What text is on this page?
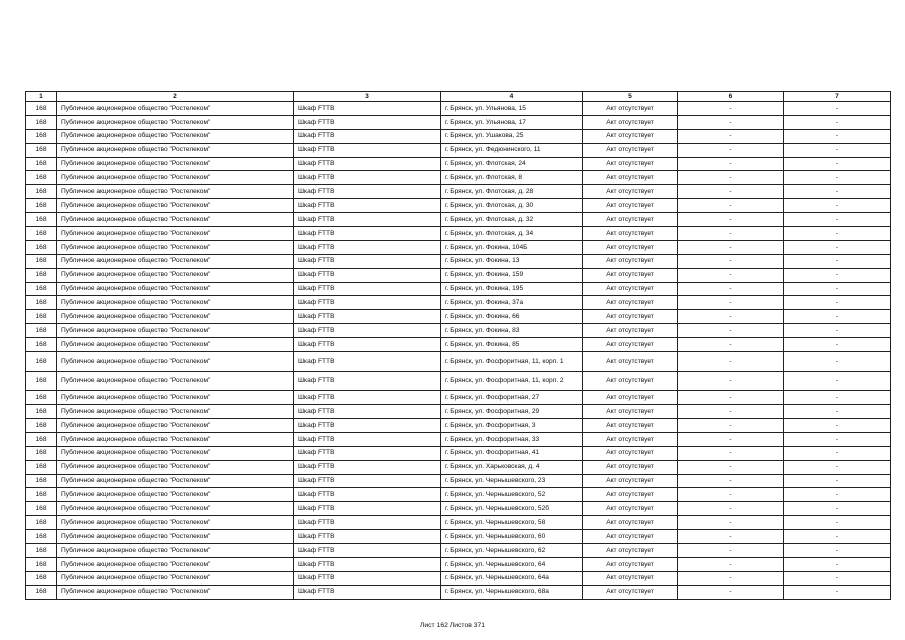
1	2	3	4	5	6	7
168	Публичное акционерное общество "Ростелеком"	Шкаф FTTB	г. Брянск, ул. Ульянова, 15	Акт отсутствует	-	-
168	Публичное акционерное общество "Ростелеком"	Шкаф FTTB	г. Брянск, ул. Ульянова, 17	Акт отсутствует	-	-
168	Публичное акционерное общество "Ростелеком"	Шкаф FTTB	г. Брянск, ул. Ушакова, 25	Акт отсутствует	-	-
168	Публичное акционерное общество "Ростелеком"	Шкаф FTTB	г. Брянск, ул. Федюнинского, 11	Акт отсутствует	-	-
168	Публичное акционерное общество "Ростелеком"	Шкаф FTTB	г. Брянск, ул. Флотская, 24	Акт отсутствует	-	-
168	Публичное акционерное общество "Ростелеком"	Шкаф FTTB	г. Брянск, ул. Флотская, 8	Акт отсутствует	-	-
168	Публичное акционерное общество "Ростелеком"	Шкаф FTTB	г. Брянск, ул. Флотская, д. 28	Акт отсутствует	-	-
168	Публичное акционерное общество "Ростелеком"	Шкаф FTTB	г. Брянск, ул. Флотская, д. 30	Акт отсутствует	-	-
168	Публичное акционерное общество "Ростелеком"	Шкаф FTTB	г. Брянск, ул. Флотская, д. 32	Акт отсутствует	-	-
168	Публичное акционерное общество "Ростелеком"	Шкаф FTTB	г. Брянск, ул. Флотская, д. 34	Акт отсутствует	-	-
168	Публичное акционерное общество "Ростелеком"	Шкаф FTTB	г. Брянск, ул. Фокина, 104Б	Акт отсутствует	-	-
168	Публичное акционерное общество "Ростелеком"	Шкаф FTTB	г. Брянск, ул. Фокина, 13	Акт отсутствует	-	-
168	Публичное акционерное общество "Ростелеком"	Шкаф FTTB	г. Брянск, ул. Фокина, 159	Акт отсутствует	-	-
168	Публичное акционерное общество "Ростелеком"	Шкаф FTTB	г. Брянск, ул. Фокина, 195	Акт отсутствует	-	-
168	Публичное акционерное общество "Ростелеком"	Шкаф FTTB	г. Брянск, ул. Фокина, 37а	Акт отсутствует	-	-
168	Публичное акционерное общество "Ростелеком"	Шкаф FTTB	г. Брянск, ул. Фокина, 66	Акт отсутствует	-	-
168	Публичное акционерное общество "Ростелеком"	Шкаф FTTB	г. Брянск, ул. Фокина, 83	Акт отсутствует	-	-
168	Публичное акционерное общество "Ростелеком"	Шкаф FTTB	г. Брянск, ул. Фокина, 85	Акт отсутствует	-	-
168	Публичное акционерное общество "Ростелеком"	Шкаф FTTB	г. Брянск, ул. Фосфоритная, 11, корп. 1	Акт отсутствует	-	-
168	Публичное акционерное общество "Ростелеком"	Шкаф FTTB	г. Брянск, ул. Фосфоритная, 11, корп. 2	Акт отсутствует	-	-
168	Публичное акционерное общество "Ростелеком"	Шкаф FTTB	г. Брянск, ул. Фосфоритная, 27	Акт отсутствует	-	-
168	Публичное акционерное общество "Ростелеком"	Шкаф FTTB	г. Брянск, ул. Фосфоритная, 29	Акт отсутствует	-	-
168	Публичное акционерное общество "Ростелеком"	Шкаф FTTB	г. Брянск, ул. Фосфоритная, 3	Акт отсутствует	-	-
168	Публичное акционерное общество "Ростелеком"	Шкаф FTTB	г. Брянск, ул. Фосфоритная, 33	Акт отсутствует	-	-
168	Публичное акционерное общество "Ростелеком"	Шкаф FTTB	г. Брянск, ул. Фосфоритная, 41	Акт отсутствует	-	-
168	Публичное акционерное общество "Ростелеком"	Шкаф FTTB	г. Брянск, ул. Харьковская, д. 4	Акт отсутствует	-	-
168	Публичное акционерное общество "Ростелеком"	Шкаф FTTB	г. Брянск, ул. Чернышевского, 23	Акт отсутствует	-	-
168	Публичное акционерное общество "Ростелеком"	Шкаф FTTB	г. Брянск, ул. Чернышевского, 52	Акт отсутствует	-	-
168	Публичное акционерное общество "Ростелеком"	Шкаф FTTB	г. Брянск, ул. Чернышевского, 52б	Акт отсутствует	-	-
168	Публичное акционерное общество "Ростелеком"	Шкаф FTTB	г. Брянск, ул. Чернышевского, 58	Акт отсутствует	-	-
168	Публичное акционерное общество "Ростелеком"	Шкаф FTTB	г. Брянск, ул. Чернышевского, 60	Акт отсутствует	-	-
168	Публичное акционерное общество "Ростелеком"	Шкаф FTTB	г. Брянск, ул. Чернышевского, 62	Акт отсутствует	-	-
168	Публичное акционерное общество "Ростелеком"	Шкаф FTTB	г. Брянск, ул. Чернышевского, 64	Акт отсутствует	-	-
168	Публичное акционерное общество "Ростелеком"	Шкаф FTTB	г. Брянск, ул. Чернышевского, 64а	Акт отсутствует	-	-
168	Публичное акционерное общество "Ростелеком"	Шкаф FTTB	г. Брянск, ул. Чернышевского, 68а	Акт отсутствует	-	-
Лист 162 Листов 371
